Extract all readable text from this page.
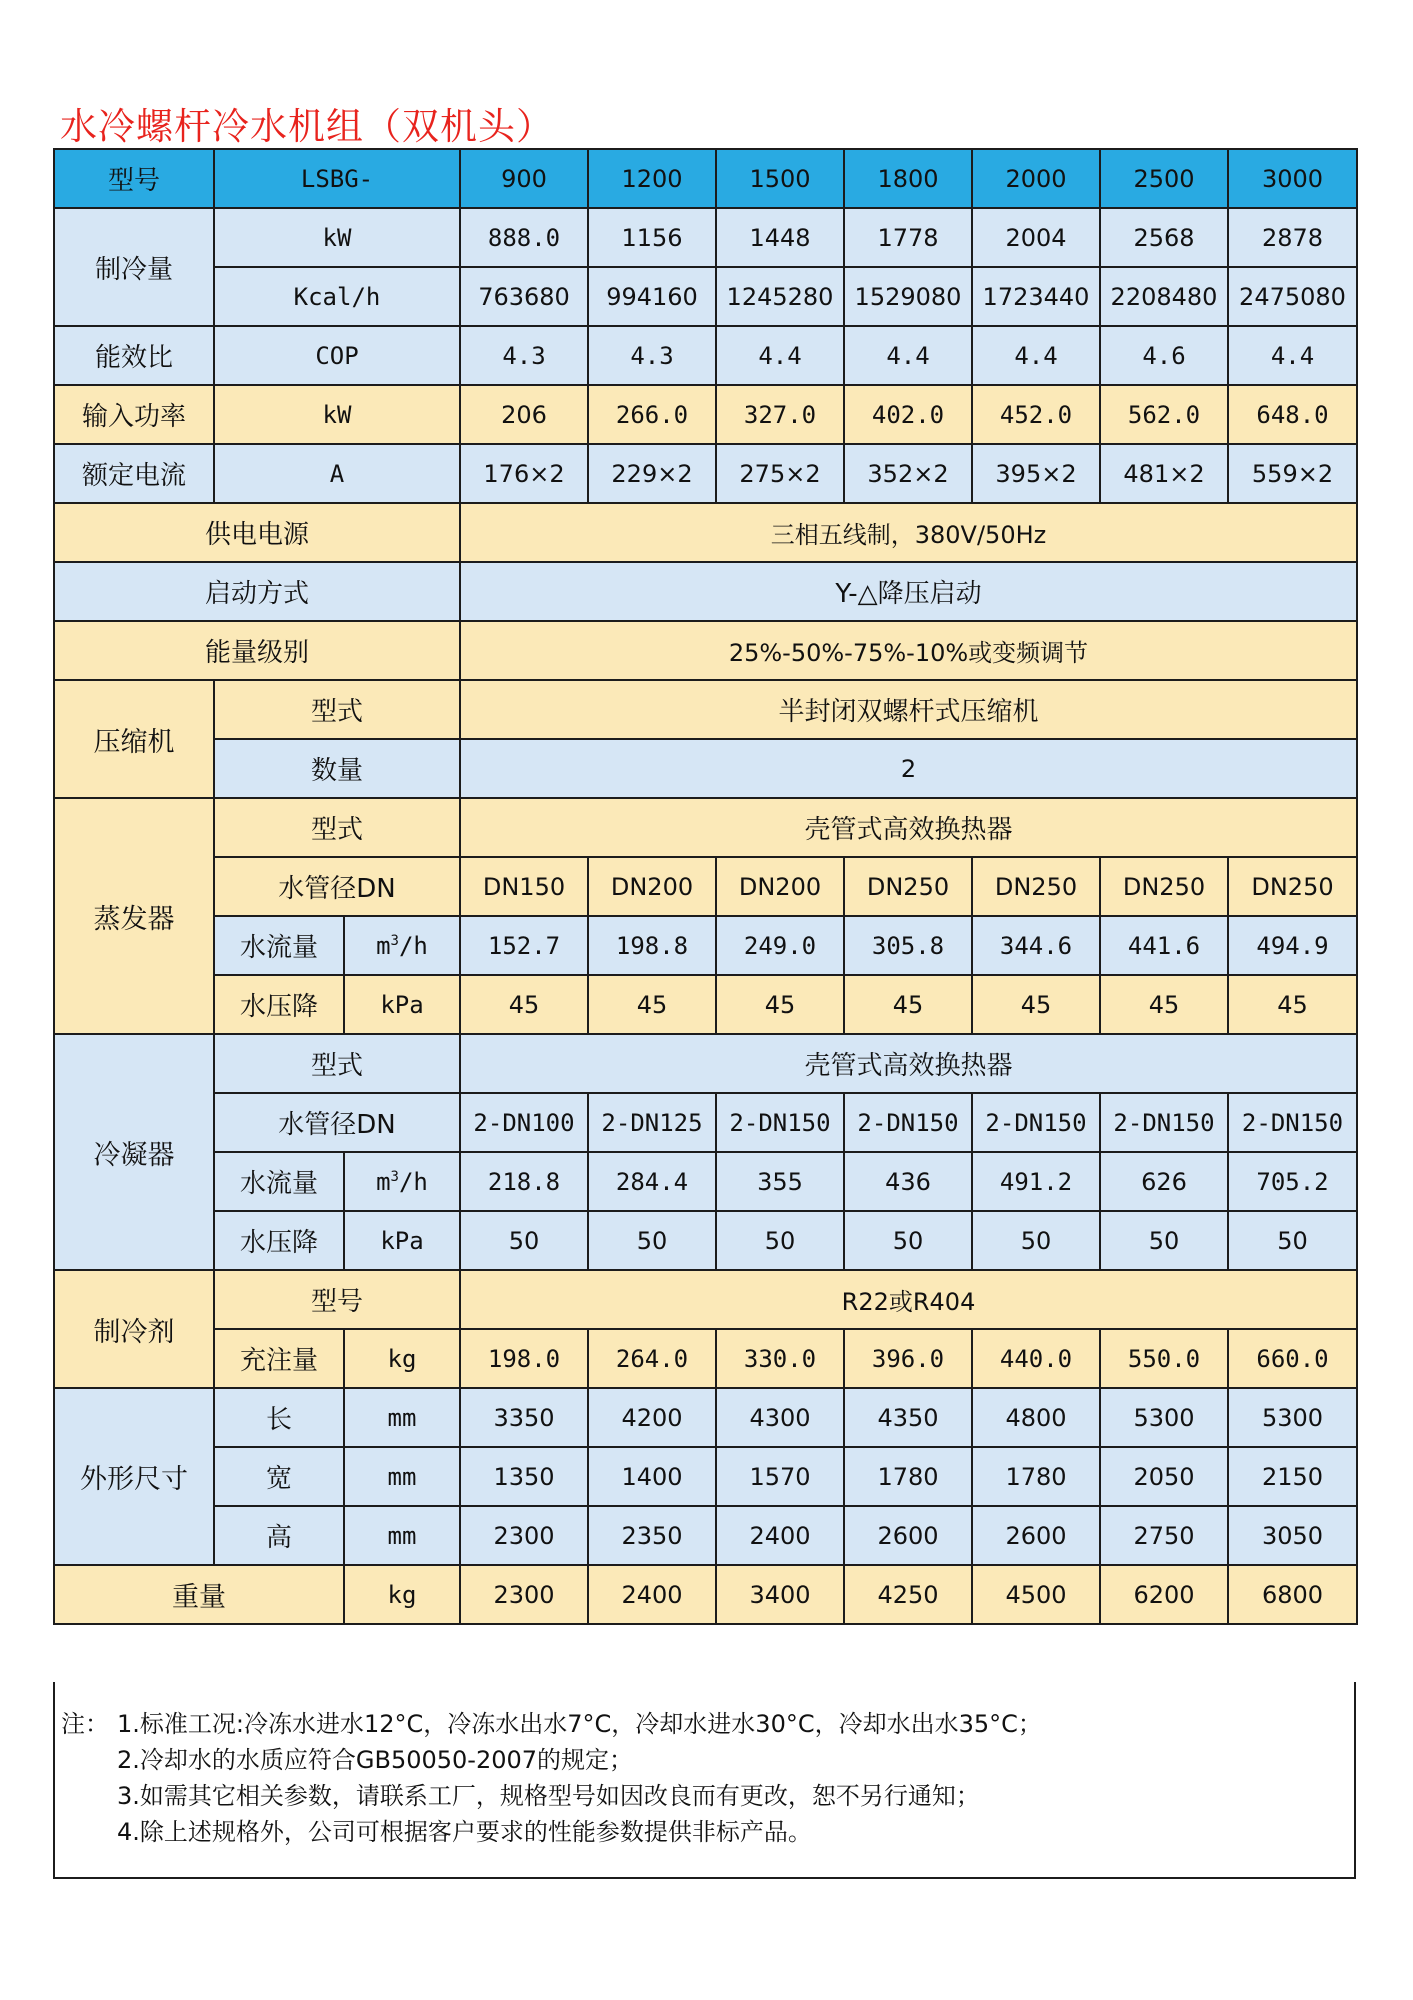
水冷螺杆冷水机组（双机头）
型号	LSBG-		900	1200	1500	1800	2000	2500	3000
制冷量	kW		888.0	1156	1448	1778	2004	2568	2878
	Kcal/h		763680	994160	1245280	1529080	1723440	2208480	2475080
能效比	COP		4.3	4.3	4.4	4.4	4.4	4.6	4.4
输入功率	kW		206	266.0	327.0	402.0	452.0	562.0	648.0
额定电流	A		176×2	229×2	275×2	352×2	395×2	481×2	559×2
供电电源			三相五线制，380V/50Hz						
启动方式			Y-△降压启动						
能量级别			25%-50%-75%-10%或变频调节						
压缩机	型式		半封闭双螺杆式压缩机						
	数量		2						
蒸发器	型式		壳管式高效换热器						
	水管径DN		DN150	DN200	DN200	DN250	DN250	DN250	DN250
	水流量	$m^3/h$	152.7	198.8	249.0	305.8	344.6	441.6	494.9
	水压降	kPa	45	45	45	45	45	45	45
冷凝器	型式		壳管式高效换热器						
	水管径DN		2-DN100	2-DN125	2-DN150	2-DN150	2-DN150	2-DN150	2-DN150
	水流量	$m^3/h$	218.8	284.4	355	436	491.2	626	705.2
	水压降	kPa	50	50	50	50	50	50	50
制冷剂	型号		R22或R404						
	充注量	kg	198.0	264.0	330.0	396.0	440.0	550.0	660.0
外形尺寸	长	mm	3350	4200	4300	4350	4800	5300	5300
	宽	mm	1350	1400	1570	1780	1780	2050	2150
	高	mm	2300	2350	2400	2600	2600	2750	3050
重量		kg	2300	2400	3400	4250	4500	6200	6800
注： 1.标准工况:冷冻水进水12°C，冷冻水出水7°C，冷却水进水30°C，冷却水出水35°C；
2.冷却水的水质应符合GB50050-2007的规定；
3.如需其它相关参数，请联系工厂，规格型号如因改良而有更改，恕不另行通知；
4.除上述规格外，公司可根据客户要求的性能参数提供非标产品。
